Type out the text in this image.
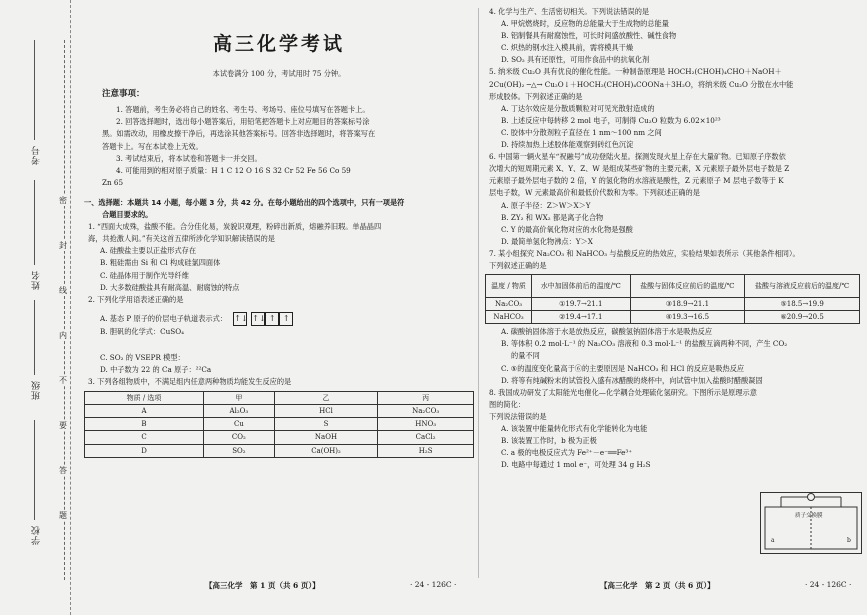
考号
姓名
班级
学校
密
封
线
内
不
要
答
题
高三化学考试
本试卷满分 100 分，考试用时 75 分钟。
注意事项：
1. 答题前，考生务必将自己的姓名、考生号、考场号、座位号填写在答题卡上。
2. 回答选择题时，选出每小题答案后，用铅笔把答题卡上对应题目的答案标号涂
黑。如需改动，用橡皮擦干净后，再选涂其他答案标号。回答非选择题时，将答案写在
答题卡上。写在本试卷上无效。
3. 考试结束后，将本试卷和答题卡一并交回。
4. 可能用到的相对原子质量：H 1 C 12 O 16 S 32 Cr 52 Fe 56 Co 59
Zn 65
一、选择题：本题共 14 小题，每小题 3 分，共 42 分。在每小题给出的四个选项中，只有一项是符
合题目要求的。
1. “西面大成殊，盐酸不能。合分佳化易，炭貌识观理，粉碎出新质，熔融养旧瑕。单晶晶四
海，共抢激人间。”有关这首五律所涉化学知识解读错误的是
A. 硅酸盐主要以正盐形式存在
B. 粗硅需由 Si 和 Cl 构成硅氯四面体
C. 硅晶体用于制作光导纤维
D. 大多数硅酸盐具有耐高温、耐腐蚀的特点
2. 下列化学用语表述正确的是
A. 基态 P 原子的价层电子轨道表示式： ↑↓ ↑↓ ↑ ↑
B. 胆矾的化学式：CuSO₄
C. SO₂ 的 VSEPR 模型：
D. 中子数为 22 的 Ca 原子：²²Ca
3. 下列各组物质中，不满足组内任意两种物质均能发生反应的是
物质 / 选项	甲	乙	丙
A	Al₂O₃	HCl	Na₂CO₃
B	Cu	S	HNO₃
C	CO₂	NaOH	CaCl₂
D	SO₂	Ca(OH)₂	H₂S
【高三化学　第 1 页（共 6 页）】	· 24 - 126C ·
4. 化学与生产、生活密切相关。下列说法错误的是
A. 甲烷燃烧时，反应物的总能量大于生成物的总能量
B. 铝制餐具有耐腐蚀性，可长时间盛放酸性、碱性食物
C. 炽热的钢水注入模具前，需将模具干燥
D. SO₂ 具有还原性，可用作食品中的抗氧化剂
5. 纳米级 Cu₂O 具有优良的催化性能。一种制备原理是 HOCH₂(CHOH)₄CHO＋NaOH＋
2Cu(OH)₂ ─△→ Cu₂O↓＋HOCH₂(CHOH)₄COONa＋3H₂O，将纳米级 Cu₂O 分散在水中能
形成胶体。下列叙述正确的是
A. 丁达尔效应是分散质颗粒对可见光散射造成的
B. 上述反应中每转移 2 mol 电子，可制得 Cu₂O 粒数为 6.02×10²³
C. 胶体中分散剂粒子直径在 1 nm～100 nm 之间
D. 持续加热上述胶体能观察到砖红色沉淀
6. 中国第一辆火星车“祝融号”成功登陆火星。探测发现火星上存在大量矿物。已知原子序数依
次增大的短周期元素 X、Y、Z、W 是组成某些矿物的主要元素，X 元素原子最外层电子数是 Z
元素原子最外层电子数的 2 倍，Y 的氢化物的水溶液是酸性，Z 元素原子 M 层电子数等于 K
层电子数，W 元素最高价和最低价代数和为零。下列叙述正确的是
A. 原子半径：Z＞W＞X＞Y
B. ZY₂ 和 WX₂ 都是离子化合物
C. Y 的最高价氧化物对应的水化物是强酸
D. 最简单氢化物沸点：Y＞X
7. 某小组探究 Na₂CO₃ 和 NaHCO₃ 与盐酸反应的热效应，实验结果如表所示（其他条件相同）。
下列叙述正确的是
温度 / 物质	水中加固体前后的温度/℃	盐酸与固体反应前后的温度/℃	盐酸与溶液反应前后的温度/℃
Na₂CO₃	①19.7→21.1	③18.9→21.1	⑤18.5→19.9
NaHCO₃	②19.4→17.1	④19.3→16.5	⑥20.9→20.5
A. 碳酸钠固体溶于水是放热反应，碳酸氢钠固体溶于水是吸热反应
B. 等体积 0.2 mol·L⁻¹ 的 Na₂CO₃ 溶液和 0.3 mol·L⁻¹ 的盐酸互滴两种不同，产生 CO₂
的量不同
C. ⑤的温度变化量高于⑥的主要原因是 NaHCO₃ 和 HCl 的反应是吸热反应
D. 将等有纯碱粉末的试管投入盛有冰醋酸的烧杯中，向试管中加入盐酸时醋酸凝固
8. 我国成功研发了太阳能光电催化—化学耦合处理硫化氢研究。下图所示是原理示意图的简化：
下列说法错误的是
A. 该装置中能量转化形式有化学能转化为电能
B. 该装置工作时，b 极为正极
C. a 极的电极反应式为 Fe²⁺－e⁻══Fe³⁺
D. 电路中每通过 1 mol e⁻，可处理 34 g H₂S
质子交换膜
a	b
【高三化学　第 2 页（共 6 页）】	· 24 - 126C ·
